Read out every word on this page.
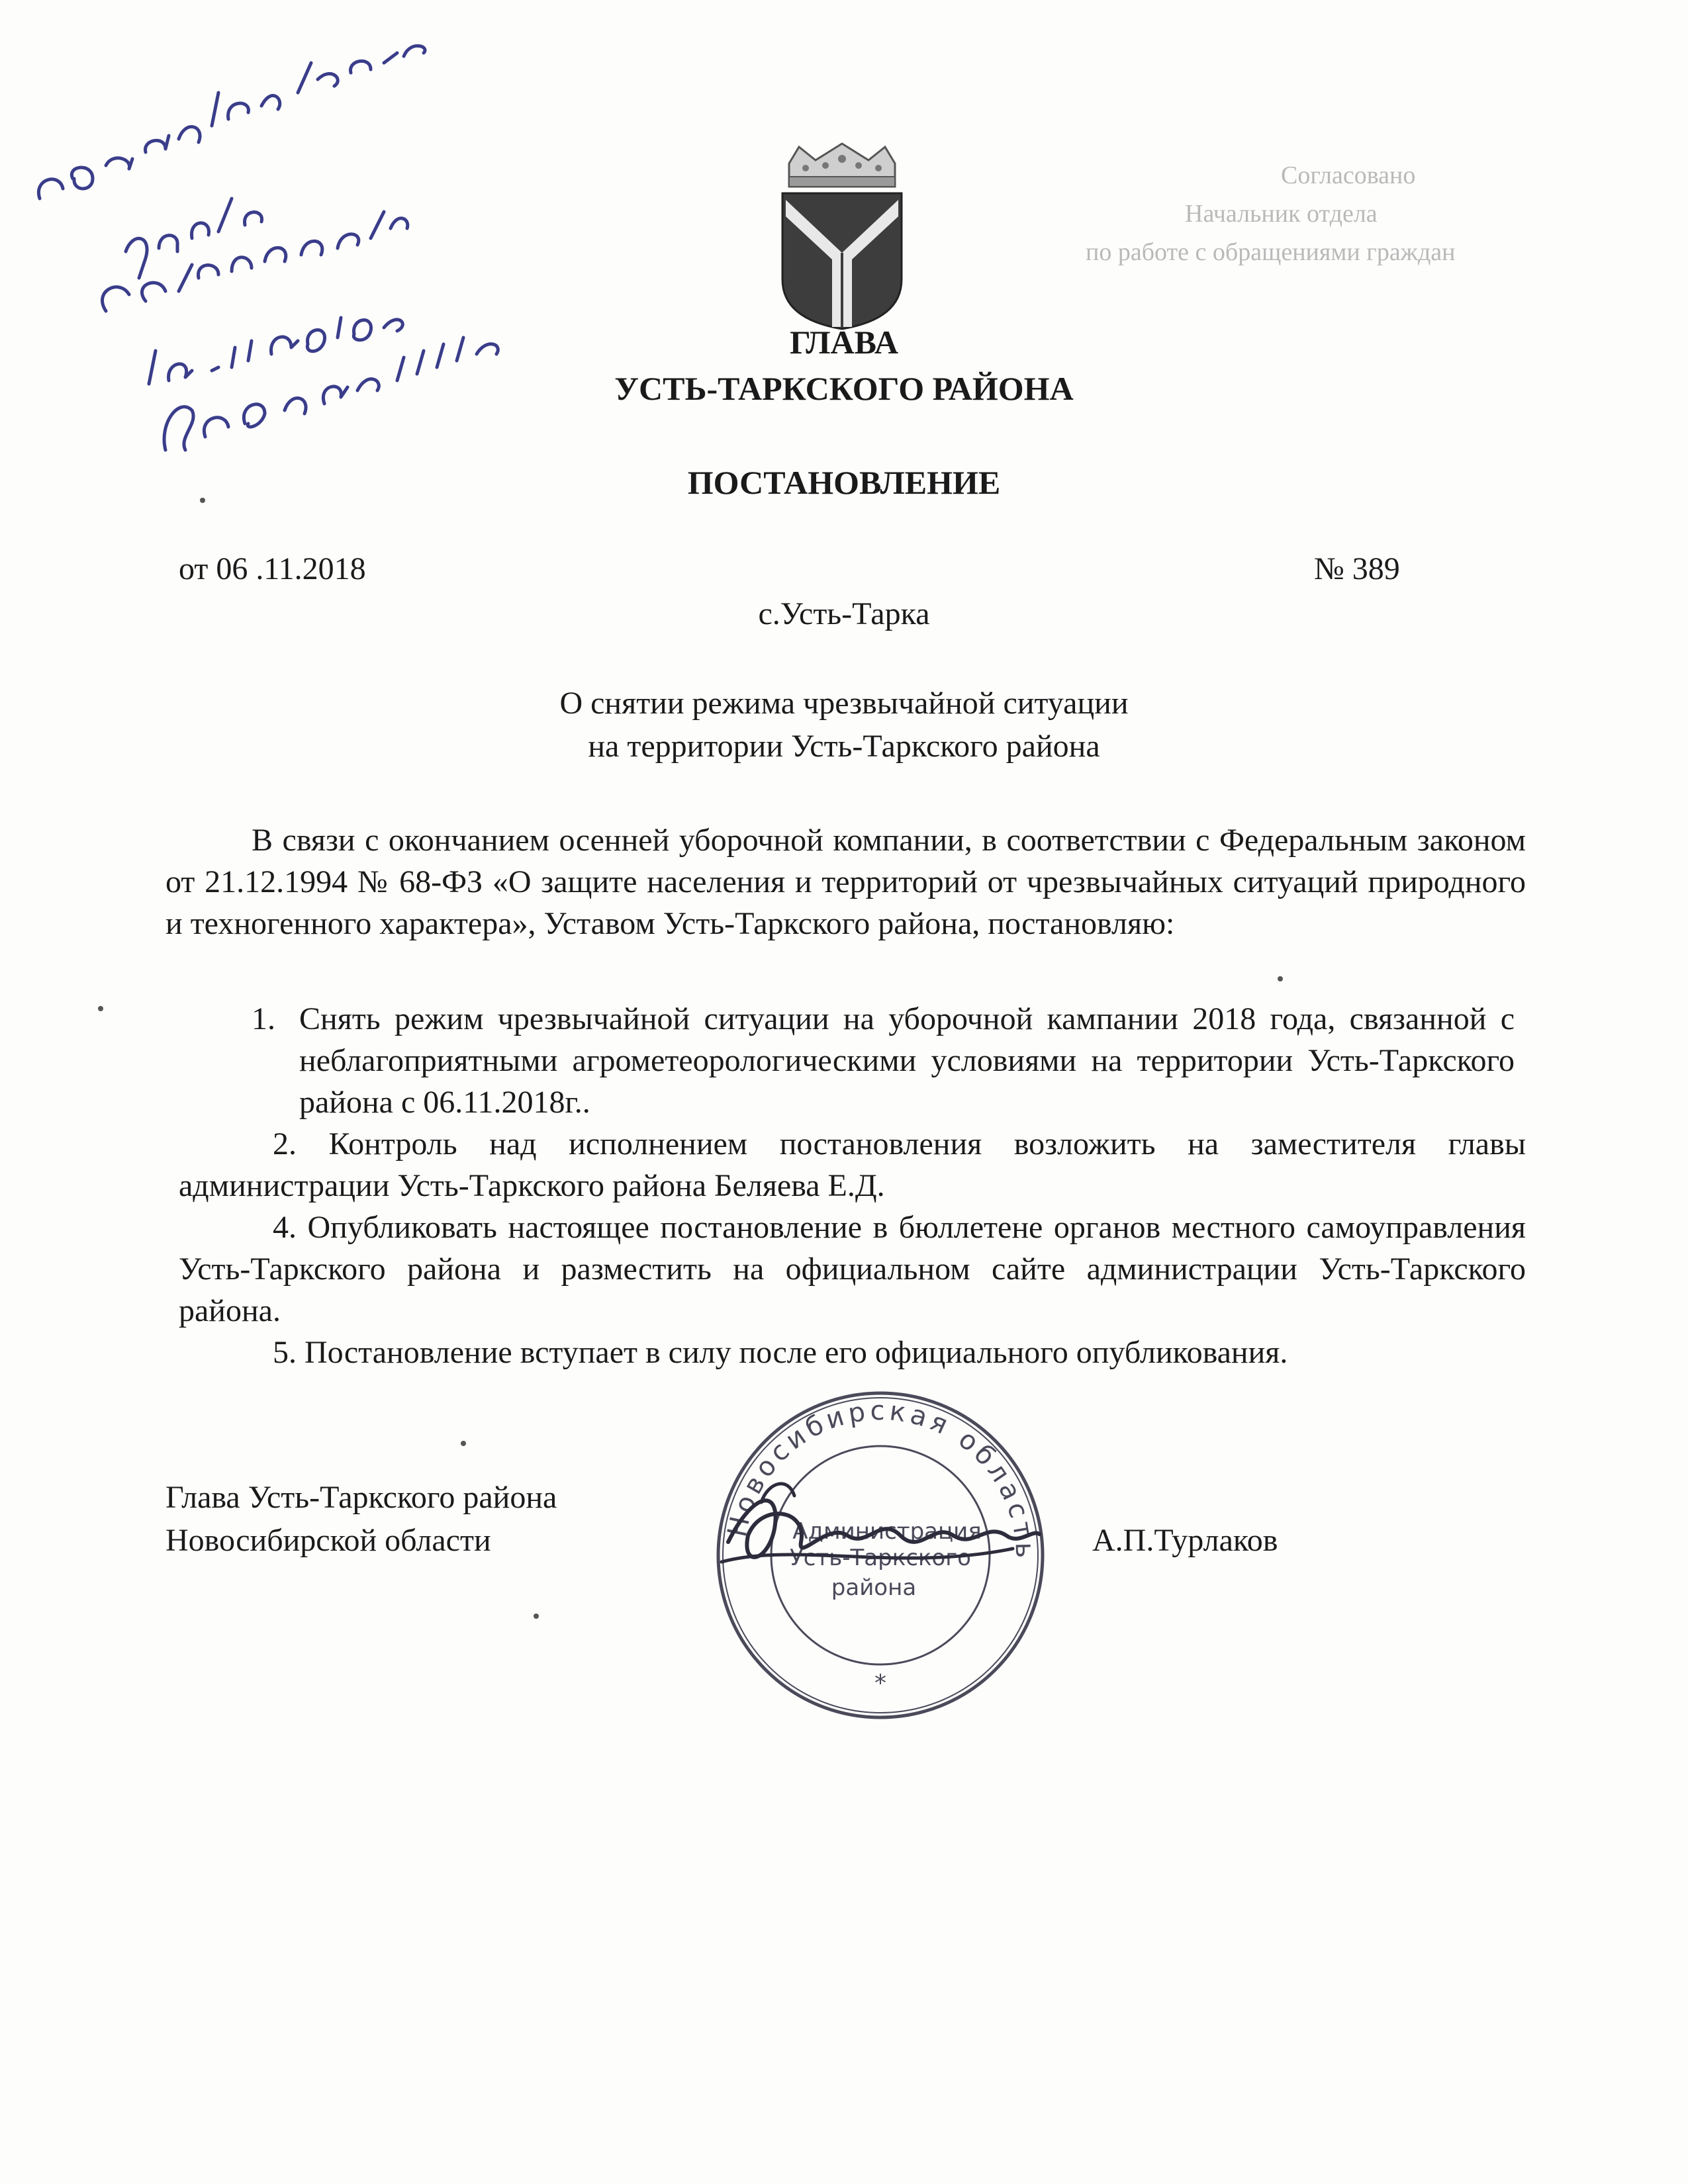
Согласовано
Начальник отдела
по работе с обращениями граждан
ГЛАВА
УСТЬ-ТАРКСКОГО РАЙОНА
ПОСТАНОВЛЕНИЕ
от 06 .11.2018	№ 389
с.Усть-Тарка
О снятии режима чрезвычайной ситуации
на территории Усть-Таркского района
В связи с окончанием осенней уборочной компании, в соответствии с Федеральным законом от 21.12.1994 № 68-ФЗ «О защите населения и территорий от чрезвычайных ситуаций природного и техногенного характера», Уставом Усть-Таркского района, постановляю:
1. Снять режим чрезвычайной ситуации на уборочной кампании 2018 года, связанной с неблагоприятными агрометеорологическими условиями на территории Усть-Таркского района с 06.11.2018г..
2. Контроль над исполнением постановления возложить на заместителя главы администрации Усть-Таркского района Беляева Е.Д.
4. Опубликовать настоящее постановление в бюллетене органов местного самоуправления Усть-Таркского района и разместить на официальном сайте администрации Усть-Таркского района.
5. Постановление вступает в силу после его официального опубликования.
Глава Усть-Таркского района
Новосибирской области	А.П.Турлаков
Новосибирская область
Администрация
Усть-Таркского
района
*
